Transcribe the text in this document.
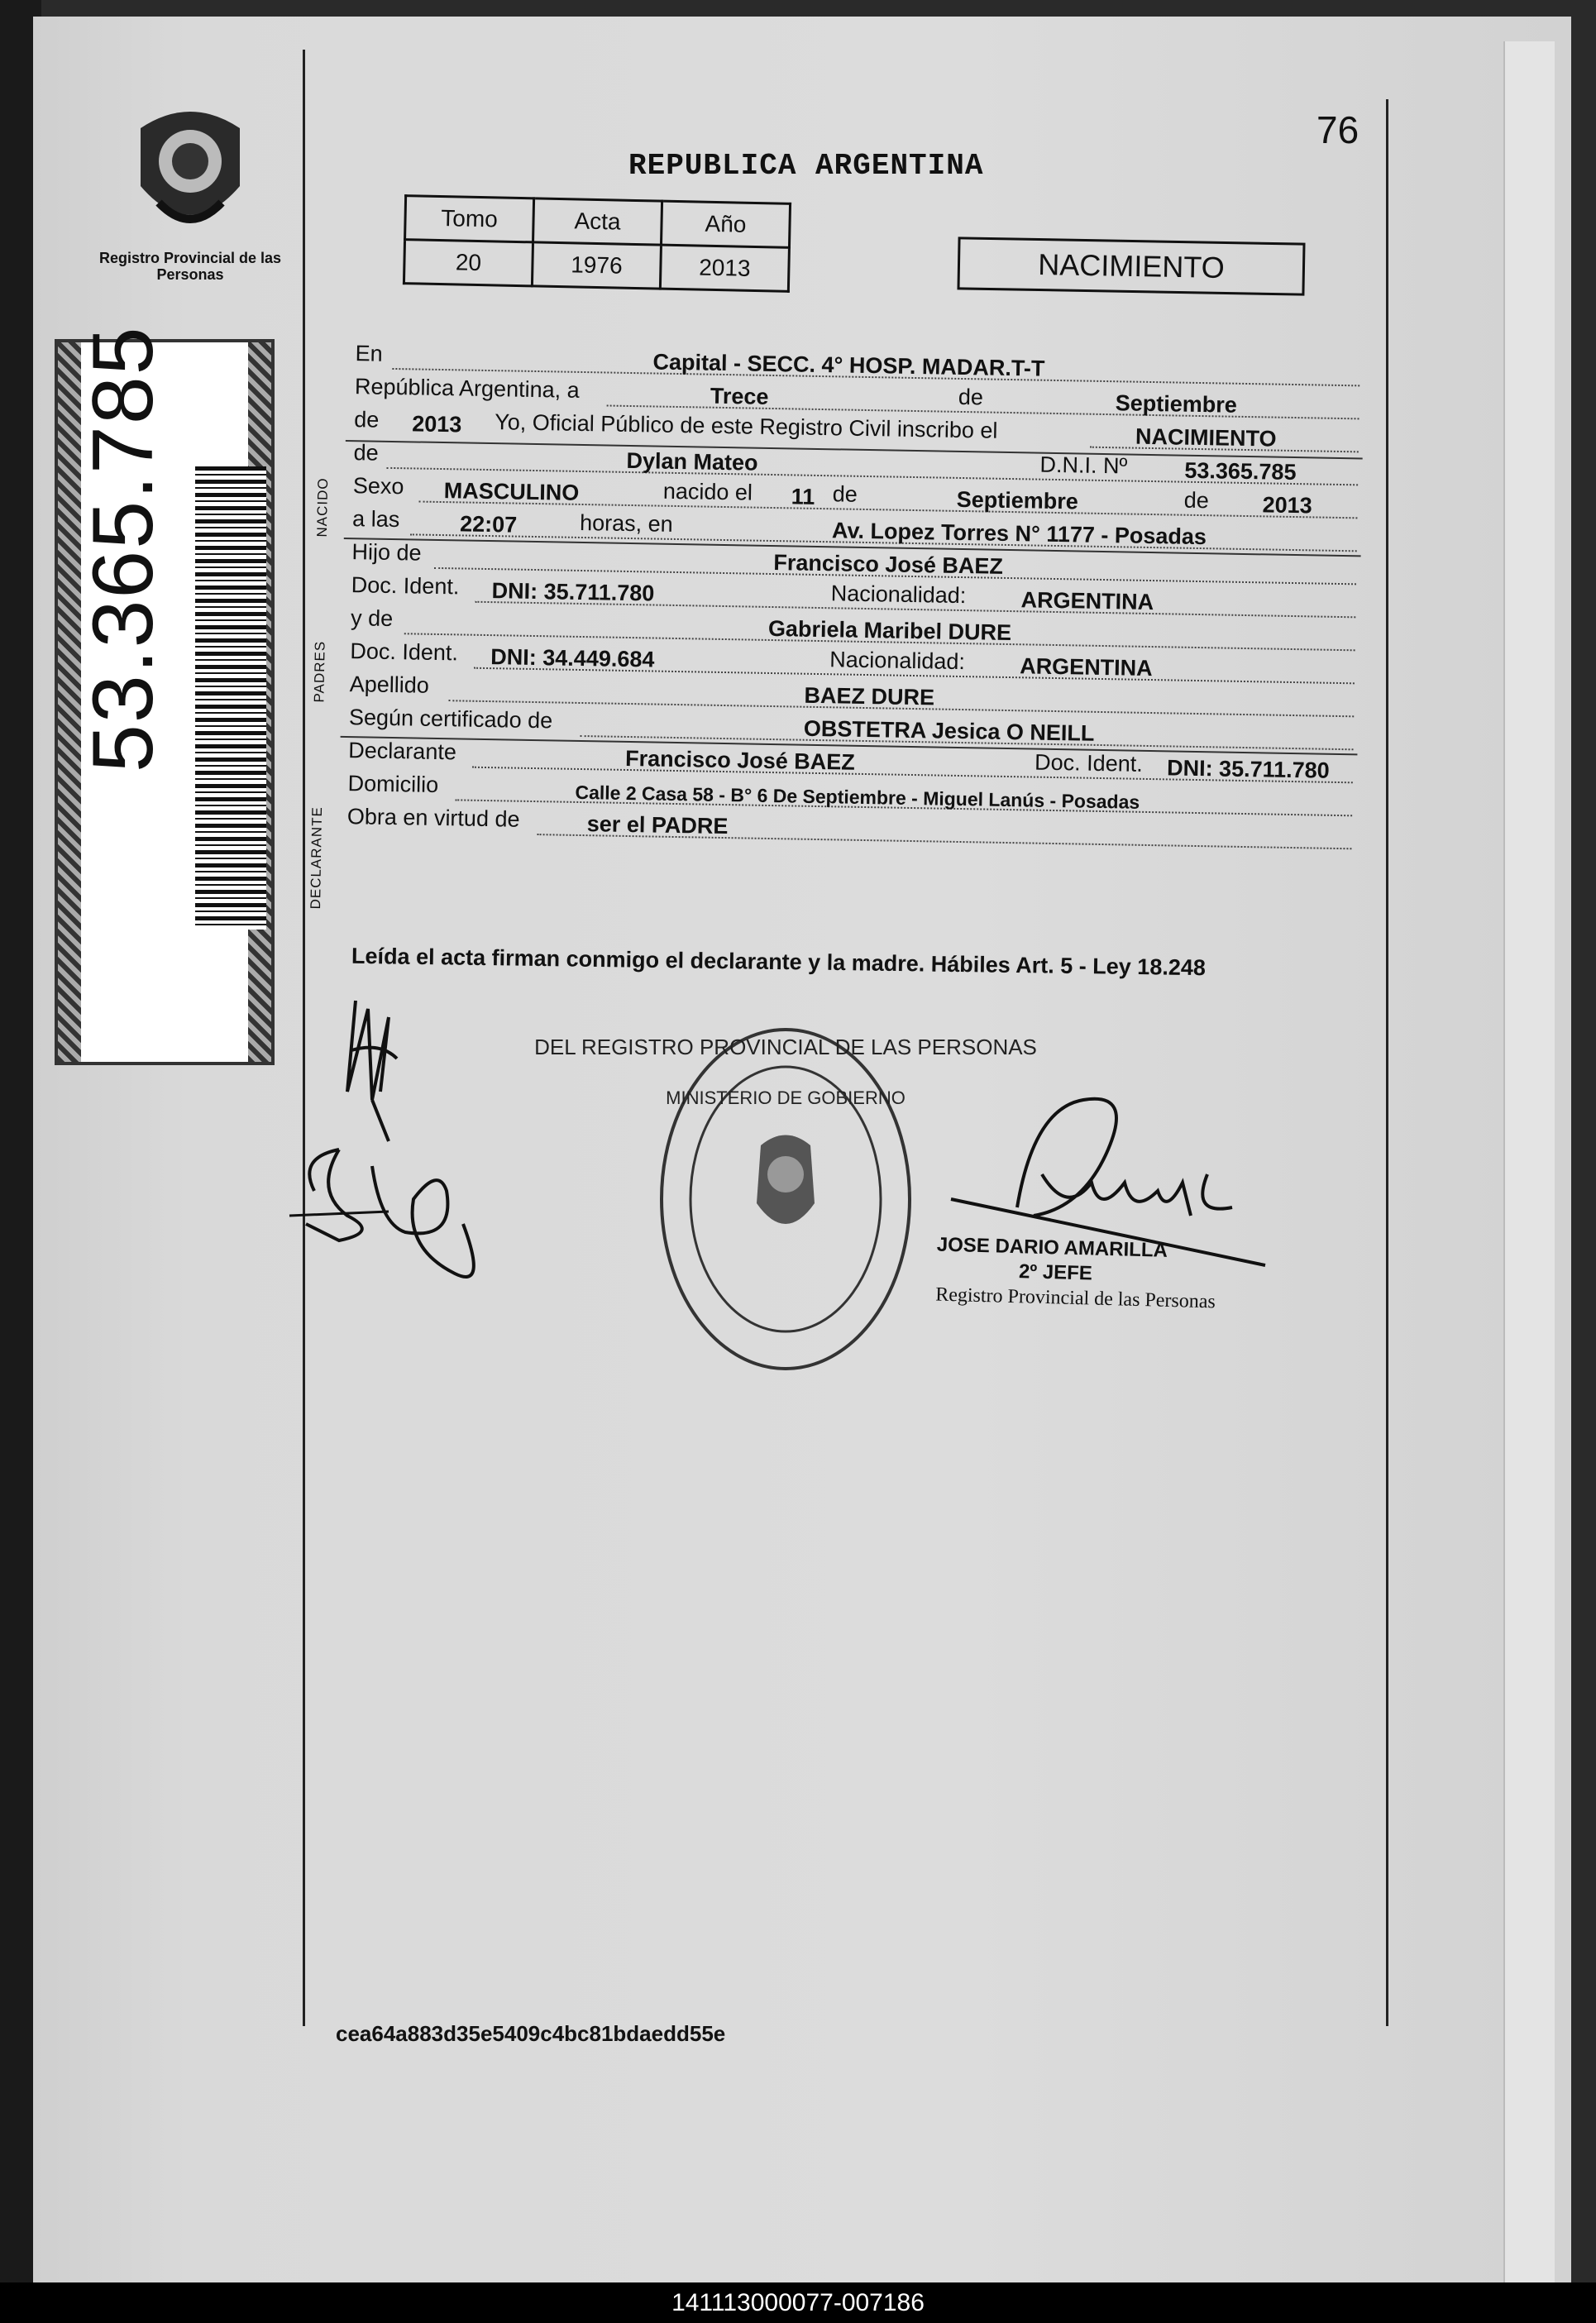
Registro Provincial de las Personas
53.365.785
REPUBLICA ARGENTINA
76
Tomo	Acta	Año
20	1976	2013	NACIMIENTO
En	Capital - SECC. 4° HOSP. MADAR.T-T
República Argentina, a	Trece	de	Septiembre
de 2013 Yo, Oficial Público de este Registro Civil inscribo el	NACIMIENTO
NACIDO
de	Dylan Mateo	D.N.I. Nº	53.365.785
Sexo MASCULINO	nacido el 11 de	Septiembre	de 2013
a las	22:07	horas, en	Av. Lopez Torres N° 1177 - Posadas
PADRES
Hijo de	Francisco José BAEZ
Doc. Ident. DNI: 35.711.780	Nacionalidad: ARGENTINA
y de	Gabriela Maribel DURE
Doc. Ident. DNI: 34.449.684	Nacionalidad: ARGENTINA
Apellido	BAEZ DURE
DECLARANTE
Según certificado de	OBSTETRA Jesica O NEILL
Declarante	Francisco José BAEZ	Doc. Ident. DNI: 35.711.780
Domicilio	Calle 2 Casa 58 - B° 6 De Septiembre - Miguel Lanús - Posadas
Obra en virtud de	ser el PADRE
Leída el acta firman conmigo el declarante y la madre. Hábiles Art. 5 - Ley 18.248
DEL REGISTRO PROVINCIAL DE LAS PERSONAS
MINISTERIO DE GOBIERNO
JOSE DARIO AMARILLA
2º JEFE
Registro Provincial de las Personas
cea64a883d35e5409c4bc81bdaedd55e
141113000077-007186
